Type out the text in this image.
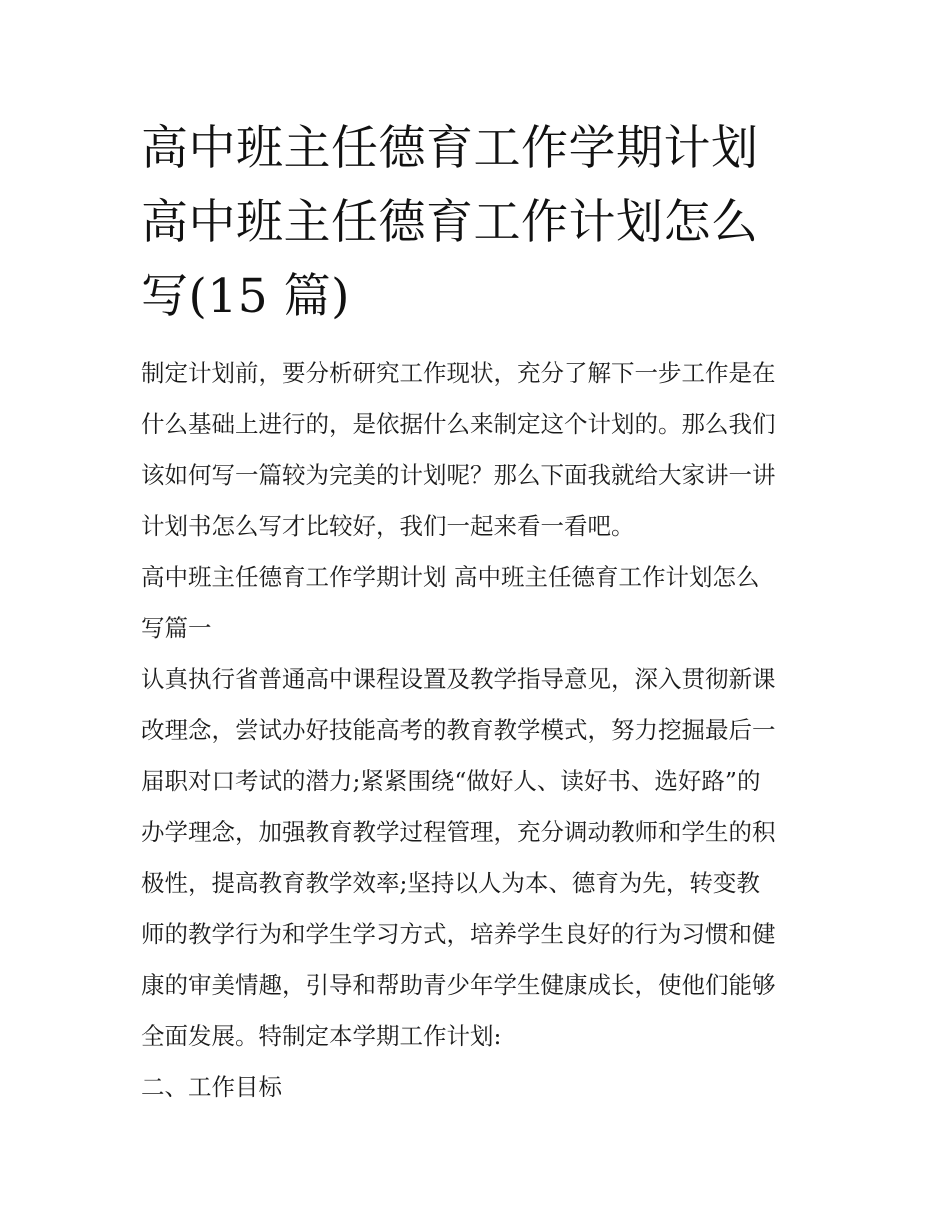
高中班主任德育工作学期计划
高中班主任德育工作计划怎么
写(15 篇)

制定计划前，要分析研究工作现状，充分了解下一步工作是在
什么基础上进行的，是依据什么来制定这个计划的。那么我们
该如何写一篇较为完美的计划呢？那么下面我就给大家讲一讲
计划书怎么写才比较好，我们一起来看一看吧。

高中班主任德育工作学期计划 高中班主任德育工作计划怎么
写篇一

认真执行省普通高中课程设置及教学指导意见，深入贯彻新课
改理念，尝试办好技能高考的教育教学模式，努力挖掘最后一
届职对口考试的潜力;紧紧围绕“做好人、读好书、选好路”的
办学理念，加强教育教学过程管理，充分调动教师和学生的积
极性，提高教育教学效率;坚持以人为本、德育为先，转变教
师的教学行为和学生学习方式，培养学生良好的行为习惯和健
康的审美情趣，引导和帮助青少年学生健康成长，使他们能够
全面发展。特制定本学期工作计划:

二、工作目标
